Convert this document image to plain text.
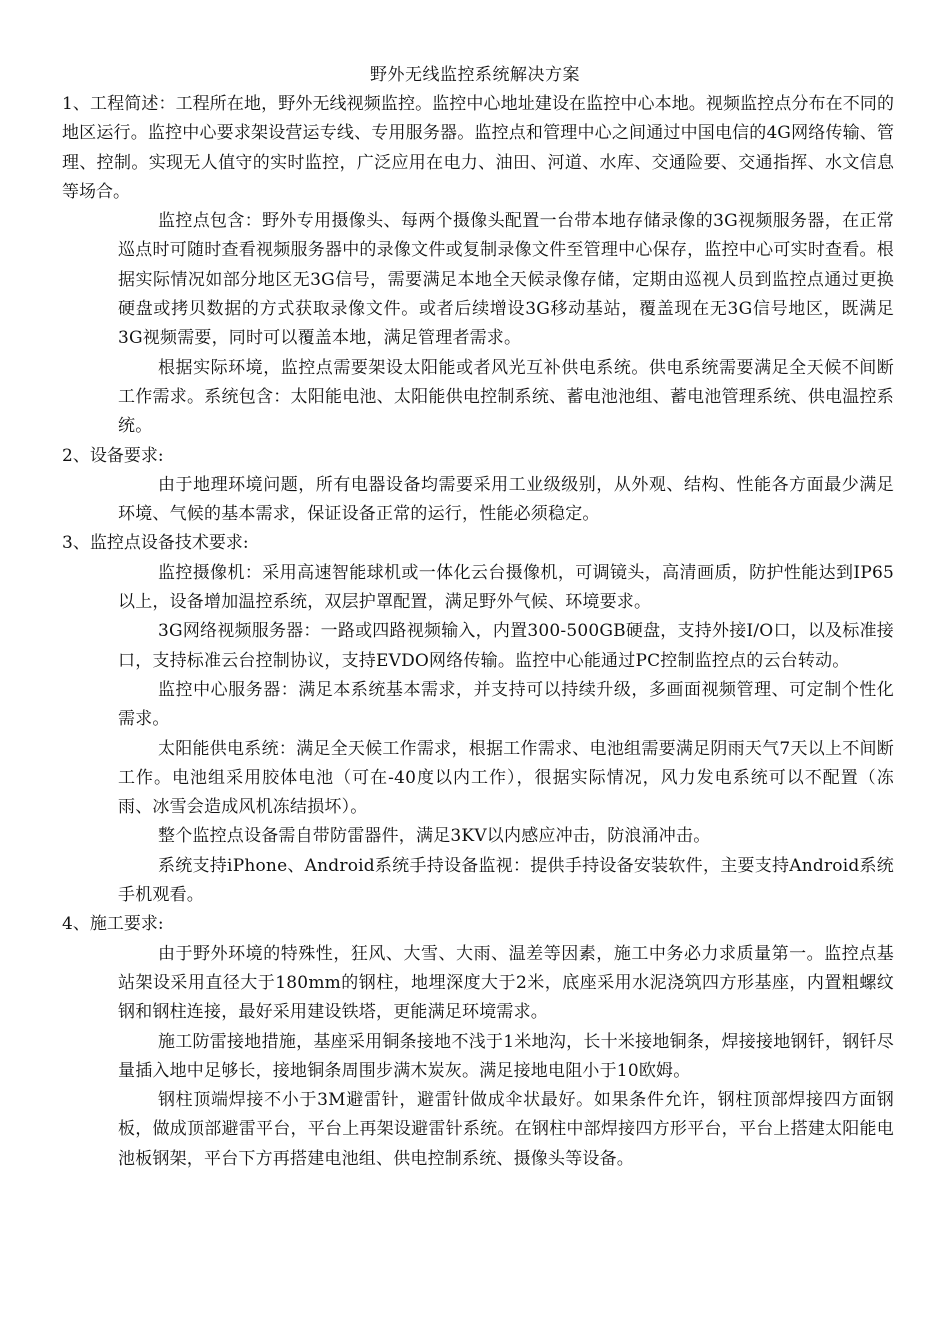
野外无线监控系统解决方案

1、工程简述：工程所在地，野外无线视频监控。监控中心地址建设在监控中心本地。视频监控点分布在不同的地区运行。监控中心要求架设营运专线、专用服务器。监控点和管理中心之间通过中国电信的4G网络传输、管理、控制。实现无人值守的实时监控，广泛应用在电力、油田、河道、水库、交通险要、交通指挥、水文信息等场合。

监控点包含：野外专用摄像头、每两个摄像头配置一台带本地存储录像的3G视频服务器，在正常巡点时可随时查看视频服务器中的录像文件或复制录像文件至管理中心保存，监控中心可实时查看。根据实际情况如部分地区无3G信号，需要满足本地全天候录像存储，定期由巡视人员到监控点通过更换硬盘或拷贝数据的方式获取录像文件。或者后续增设3G移动基站，覆盖现在无3G信号地区，既满足3G视频需要，同时可以覆盖本地，满足管理者需求。

根据实际环境，监控点需要架设太阳能或者风光互补供电系统。供电系统需要满足全天候不间断工作需求。系统包含：太阳能电池、太阳能供电控制系统、蓄电池池组、蓄电池管理系统、供电温控系统。

2、设备要求:

由于地理环境问题，所有电器设备均需要采用工业级级别，从外观、结构、性能各方面最少满足环境、气候的基本需求，保证设备正常的运行，性能必须稳定。

3、监控点设备技术要求:

监控摄像机：采用高速智能球机或一体化云台摄像机，可调镜头，高清画质，防护性能达到IP65以上，设备增加温控系统，双层护罩配置，满足野外气候、环境要求。

3G网络视频服务器：一路或四路视频输入，内置300-500GB硬盘，支持外接I/O口，以及标准接口，支持标准云台控制协议，支持EVDO网络传输。监控中心能通过PC控制监控点的云台转动。

监控中心服务器：满足本系统基本需求，并支持可以持续升级，多画面视频管理、可定制个性化需求。

太阳能供电系统：满足全天候工作需求，根据工作需求、电池组需要满足阴雨天气7天以上不间断工作。电池组采用胶体电池（可在-40度以内工作），很据实际情况，风力发电系统可以不配置（冻雨、冰雪会造成风机冻结损坏）。

整个监控点设备需自带防雷器件，满足3KV以内感应冲击，防浪涌冲击。

系统支持iPhone、Android系统手持设备监视：提供手持设备安装软件，主要支持Android系统手机观看。

4、施工要求:

由于野外环境的特殊性，狂风、大雪、大雨、温差等因素，施工中务必力求质量第一。监控点基站架设采用直径大于180mm的钢柱，地埋深度大于2米，底座采用水泥浇筑四方形基座，内置粗螺纹钢和钢柱连接，最好采用建设铁塔，更能满足环境需求。

施工防雷接地措施，基座采用铜条接地不浅于1米地沟，长十米接地铜条，焊接接地钢钎，钢钎尽量插入地中足够长，接地铜条周围步满木炭灰。满足接地电阻小于10欧姆。

钢柱顶端焊接不小于3M避雷针，避雷针做成伞状最好。如果条件允许，钢柱顶部焊接四方面钢板，做成顶部避雷平台，平台上再架设避雷针系统。在钢柱中部焊接四方形平台，平台上搭建太阳能电池板钢架，平台下方再搭建电池组、供电控制系统、摄像头等设备。
